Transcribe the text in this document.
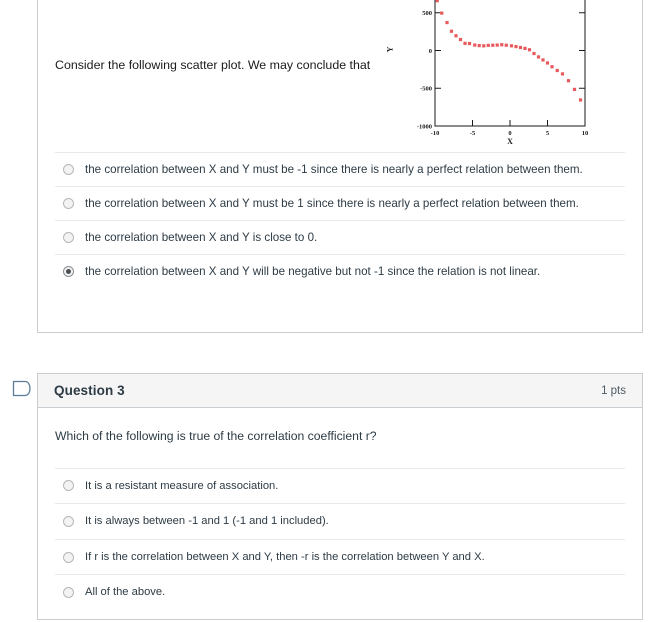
Consider the following scatter plot. We may conclude that
500
0
-500
-1000
-10	-5	0	5	10
X
Y
the correlation between X and Y must be -1 since there is nearly a perfect relation between them.
the correlation between X and Y must be 1 since there is nearly a perfect relation between them.
the correlation between X and Y is close to 0.
the correlation between X and Y will be negative but not -1 since the relation is not linear.
Question 3	1 pts
Which of the following is true of the correlation coefficient r?
It is a resistant measure of association.
It is always between -1 and 1 (-1 and 1 included).
If r is the correlation between X and Y, then -r is the correlation between Y and X.
All of the above.
